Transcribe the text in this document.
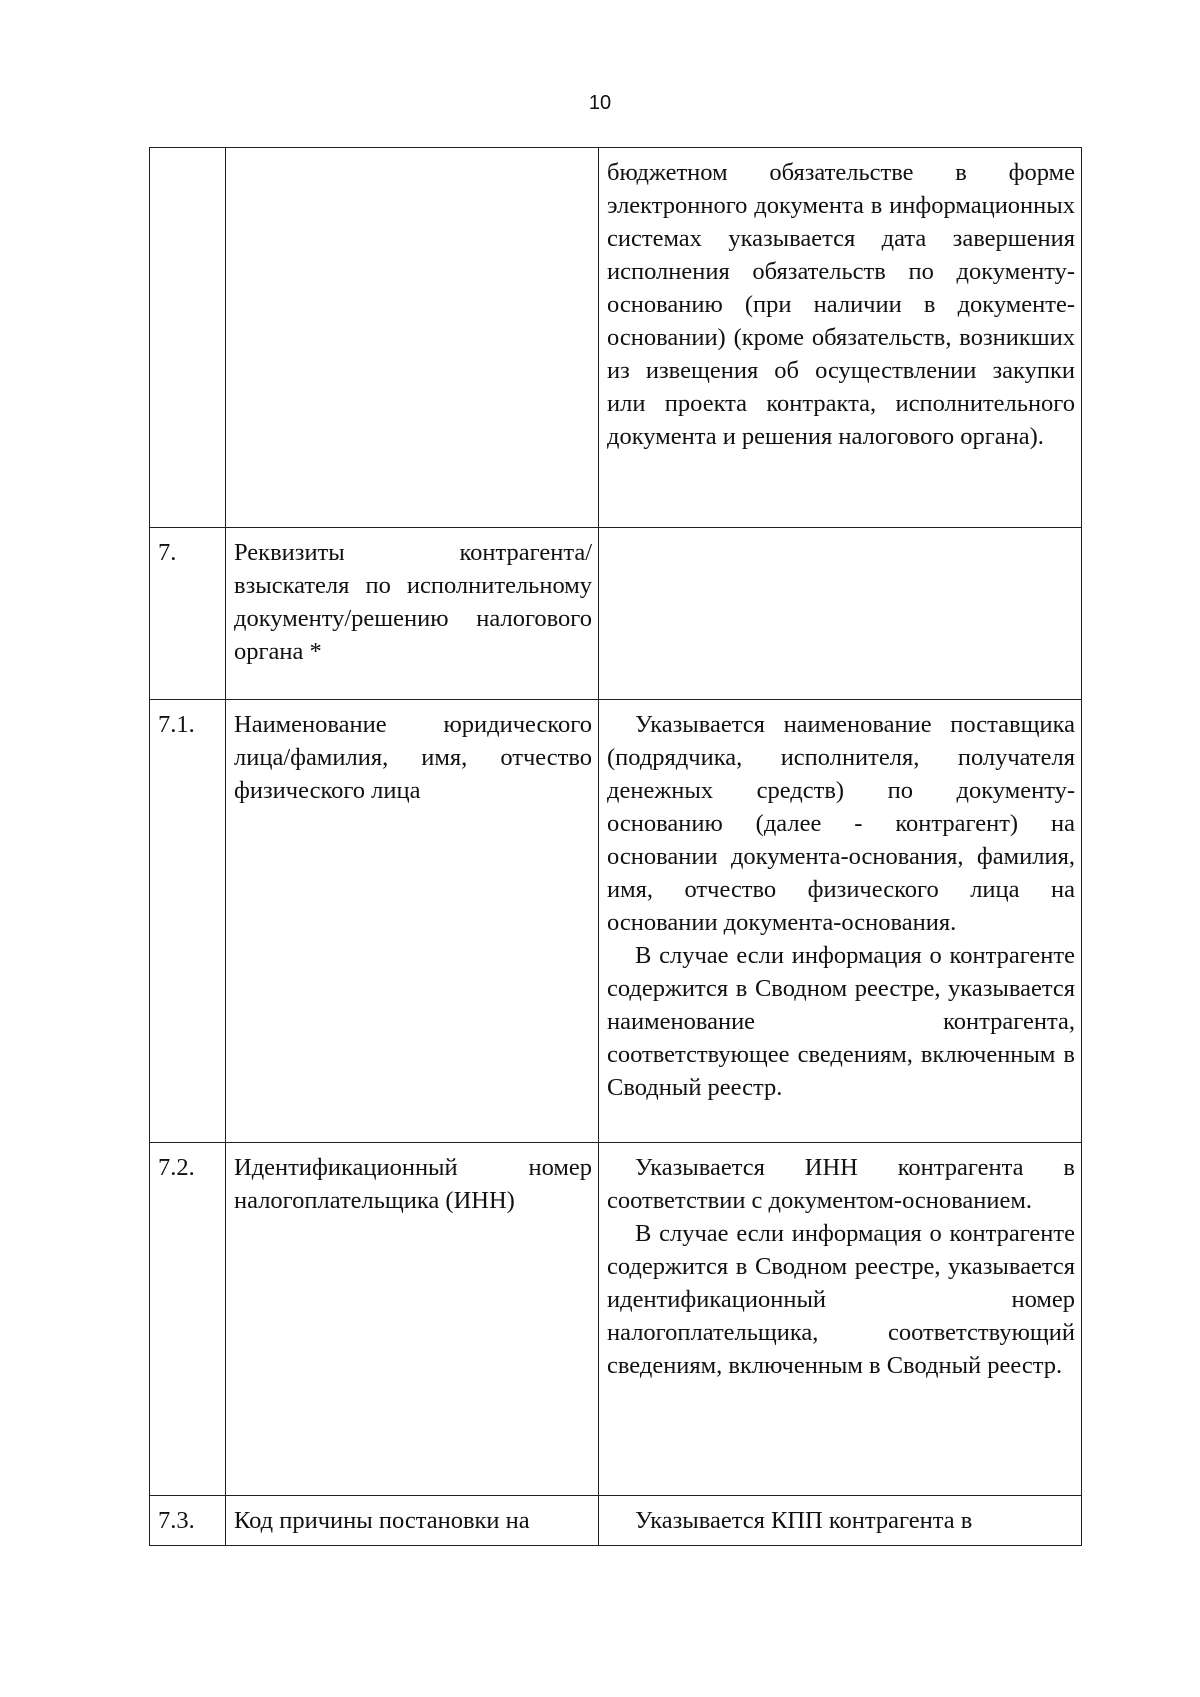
10

		бюджетном обязательстве в форме электронного документа в информационных системах указывается дата завершения исполнения обязательств по документу-основанию (при наличии в документе-основании) (кроме обязательств, возникших из извещения об осуществлении закупки или проекта контракта, исполнительного документа и решения налогового органа).

7.	Реквизиты контрагента/взыскателя по исполнительному документу/решению налогового органа *	
7.1.	Наименование юридического лица/фамилия, имя, отчество физического лица	Указывается наименование поставщика (подрядчика, исполнителя, получателя денежных средств) по документу-основанию (далее - контрагент) на основании документа-основания, фамилия, имя, отчество физического лица на основании документа-основания.

В случае если информация о контрагенте содержится в Сводном реестре, указывается наименование контрагента, соответствующее сведениям, включенным в Сводный реестр.

7.2.	Идентификационный номер налогоплательщика (ИНН)	Указывается ИНН контрагента в соответствии с документом-основанием.

В случае если информация о контрагенте содержится в Сводном реестре, указывается идентификационный номер налогоплательщика, соответствующий сведениям, включенным в Сводный реестр.

7.3.	Код причины постановки на	Указывается КПП контрагента в
